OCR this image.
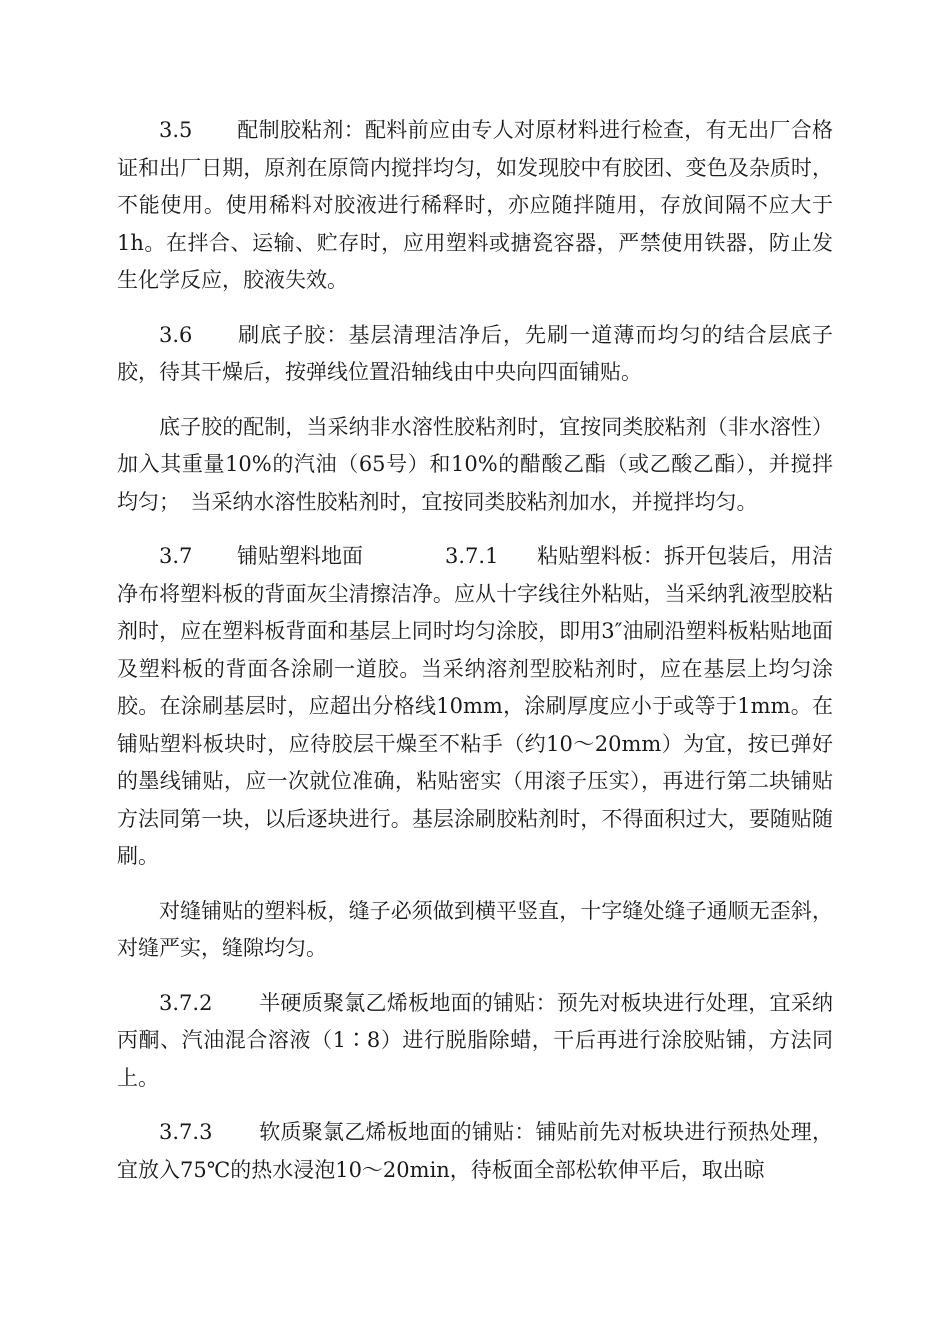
3.5 配制胶粘剂：配料前应由专人对原材料进行检查，有无出厂合格证和出厂日期，原剂在原筒内搅拌均匀，如发现胶中有胶团、变色及杂质时，不能使用。使用稀料对胶液进行稀释时，亦应随拌随用，存放间隔不应大于1h。在拌合、运输、贮存时，应用塑料或搪瓷容器，严禁使用铁器，防止发生化学反应，胶液失效。

3.6 刷底子胶：基层清理洁净后，先刷一道薄而均匀的结合层底子胶，待其干燥后，按弹线位置沿轴线由中央向四面铺贴。

底子胶的配制，当采纳非水溶性胶粘剂时，宜按同类胶粘剂（非水溶性）加入其重量10%的汽油（65号）和10%的醋酸乙酯（或乙酸乙酯），并搅拌均匀；　当采纳水溶性胶粘剂时，宜按同类胶粘剂加水，并搅拌均匀。

3.7 铺贴塑料地面	3.7.1 粘贴塑料板：拆开包装后，用洁净布将塑料板的背面灰尘清擦洁净。应从十字线往外粘贴，当采纳乳液型胶粘剂时，应在塑料板背面和基层上同时均匀涂胶，即用3″油刷沿塑料板粘贴地面及塑料板的背面各涂刷一道胶。当采纳溶剂型胶粘剂时，应在基层上均匀涂胶。在涂刷基层时，应超出分格线10mm，涂刷厚度应小于或等于1mm。在铺贴塑料板块时，应待胶层干燥至不粘手（约10～20mm）为宜，按已弹好的墨线铺贴，应一次就位准确，粘贴密实（用滚子压实），再进行第二块铺贴方法同第一块，以后逐块进行。基层涂刷胶粘剂时，不得面积过大，要随贴随刷。

对缝铺贴的塑料板，缝子必须做到横平竖直，十字缝处缝子通顺无歪斜，对缝严实，缝隙均匀。

3.7.2 半硬质聚氯乙烯板地面的铺贴：预先对板块进行处理，宜采纳丙酮、汽油混合溶液（1∶8）进行脱脂除蜡，干后再进行涂胶贴铺，方法同上。

3.7.3 软质聚氯乙烯板地面的铺贴：铺贴前先对板块进行预热处理，宜放入75℃的热水浸泡10～20min，待板面全部松软伸平后，取出晾
